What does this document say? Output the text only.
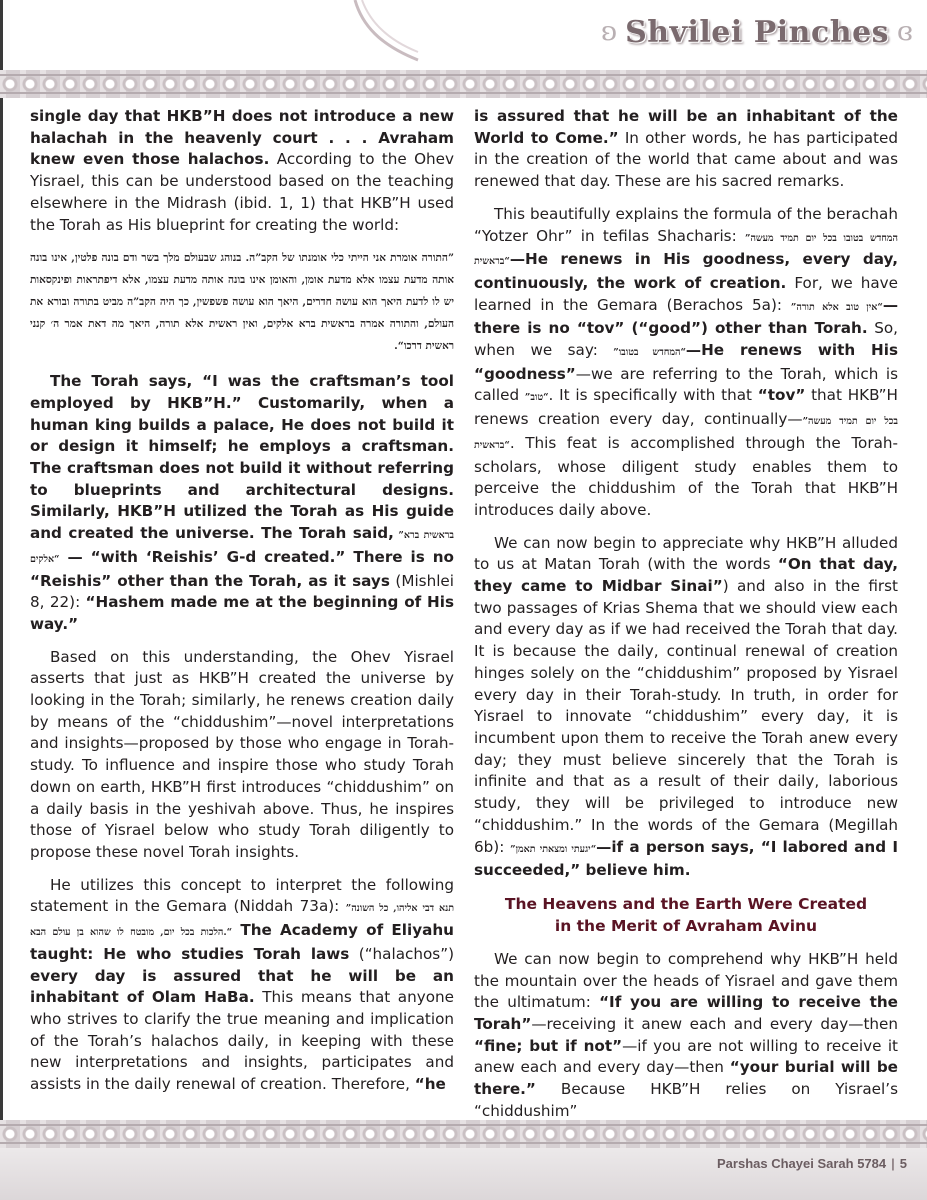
ʚ Shvilei Pinches ɞ

single day that HKB”H does not introduce a new halachah in the heavenly court . . . Avraham knew even those halachos. According to the Ohev Yisrael, this can be understood based on the teaching elsewhere in the Midrash (ibid. 1, 1) that HKB”H used the Torah as His blueprint for creating the world:

”התורה אומרת אני הייתי כלי אומנתו של הקב”ה. בנוהג שבעולם מלך בשר ודם בונה פלטין, אינו בונה אותה מדעת עצמו אלא מדעת אומן, והאומן אינו בונה אותה מדעת עצמו, אלא דיפתראות ופינקסאות יש לו לדעת היאך הוא עושה חדרים, היאך הוא עושה פשפשין, כך היה הקב”ה מביט בתורה ובורא את העולם, והתורה אמרה בראשית ברא אלקים, ואין ראשית אלא תורה, היאך מה דאת אמר ה׳ קנני ראשית דרכו“.

The Torah says, “I was the craftsman’s tool employed by HKB”H.” Customarily, when a human king builds a palace, He does not build it or design it himself; he employs a craftsman. The craftsman does not build it without referring to blueprints and architectural designs. Similarly, HKB”H utilized the Torah as His guide and created the universe. The Torah said, ”בראשית ברא אלקים“ — “with ‘Reishis’ G-d created.” There is no “Reishis” other than the Torah, as it says (Mishlei 8, 22): “Hashem made me at the beginning of His way.”

Based on this understanding, the Ohev Yisrael asserts that just as HKB”H created the universe by looking in the Torah; similarly, he renews creation daily by means of the “chiddushim”—novel interpretations and insights—proposed by those who engage in Torah-study. To influence and inspire those who study Torah down on earth, HKB”H first introduces “chiddushim” on a daily basis in the yeshivah above. Thus, he inspires those of Yisrael below who study Torah diligently to propose these novel Torah insights.

He utilizes this concept to interpret the following statement in the Gemara (Niddah 73a): ”תנא דבי אליהו, כל השונה הלכות בכל יום, מובטח לו שהוא בן עולם הבא.“ The Academy of Eliyahu taught: He who studies Torah laws (“halachos”) every day is assured that he will be an inhabitant of Olam HaBa. This means that anyone who strives to clarify the true meaning and implication of the Torah’s halachos daily, in keeping with these new interpretations and insights, participates and assists in the daily renewal of creation. Therefore, “he

is assured that he will be an inhabitant of the World to Come.” In other words, he has participated in the creation of the world that came about and was renewed that day. These are his sacred remarks.

This beautifully explains the formula of the berachah “Yotzer Ohr” in tefilas Shacharis: ”המחדש בטובו בכל יום תמיד מעשה בראשית“—He renews in His goodness, every day, continuously, the work of creation. For, we have learned in the Gemara (Berachos 5a): ”אין טוב אלא תורה“—there is no “tov” (“good”) other than Torah. So, when we say: ”המחדש בטובו“—He renews with His “goodness”—we are referring to the Torah, which is called ”טוב“. It is specifically with that “tov” that HKB”H renews creation every day, continually—”בכל יום תמיד מעשה בראשית“. This feat is accomplished through the Torah-scholars, whose diligent study enables them to perceive the chiddushim of the Torah that HKB”H introduces daily above.

We can now begin to appreciate why HKB”H alluded to us at Matan Torah (with the words “On that day, they came to Midbar Sinai”) and also in the first two passages of Krias Shema that we should view each and every day as if we had received the Torah that day. It is because the daily, continual renewal of creation hinges solely on the “chiddushim” proposed by Yisrael every day in their Torah-study. In truth, in order for Yisrael to innovate “chiddushim” every day, it is incumbent upon them to receive the Torah anew every day; they must believe sincerely that the Torah is infinite and that as a result of their daily, laborious study, they will be privileged to introduce new “chiddushim.” In the words of the Gemara (Megillah 6b): ”יגעתי ומצאתי תאמן“—if a person says, “I labored and I succeeded,” believe him.

The Heavens and the Earth Were Created
in the Merit of Avraham Avinu

We can now begin to comprehend why HKB”H held the mountain over the heads of Yisrael and gave them the ultimatum: “If you are willing to receive the Torah”—receiving it anew each and every day—then “fine; but if not”—if you are not willing to receive it anew each and every day—then “your burial will be there.” Because HKB”H relies on Yisrael’s “chiddushim”

Parshas Chayei Sarah 5784 | 5
